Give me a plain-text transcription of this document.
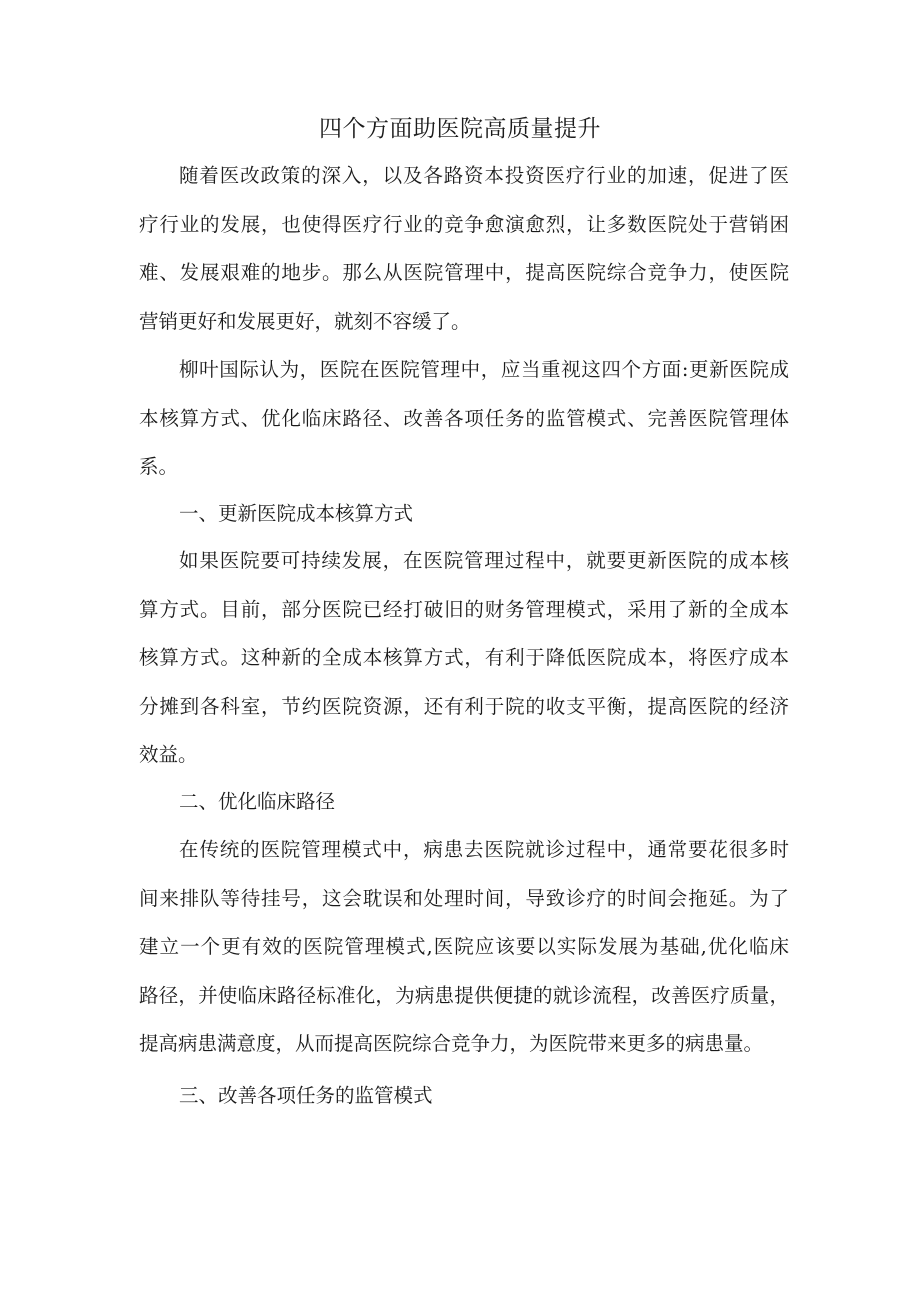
四个方面助医院高质量提升
随着医改政策的深入，以及各路资本投资医疗行业的加速，促进了医
疗行业的发展，也使得医疗行业的竞争愈演愈烈，让多数医院处于营销困
难、发展艰难的地步。那么从医院管理中，提高医院综合竞争力，使医院
营销更好和发展更好，就刻不容缓了。
柳叶国际认为，医院在医院管理中，应当重视这四个方面:更新医院成
本核算方式、优化临床路径、改善各项任务的监管模式、完善医院管理体
系。
一、更新医院成本核算方式
如果医院要可持续发展，在医院管理过程中，就要更新医院的成本核
算方式。目前，部分医院已经打破旧的财务管理模式，采用了新的全成本
核算方式。这种新的全成本核算方式，有利于降低医院成本，将医疗成本
分摊到各科室，节约医院资源，还有利于院的收支平衡，提高医院的经济
效益。
二、优化临床路径
在传统的医院管理模式中，病患去医院就诊过程中，通常要花很多时
间来排队等待挂号，这会耽误和处理时间，导致诊疗的时间会拖延。为了
建立一个更有效的医院管理模式,医院应该要以实际发展为基础,优化临床
路径，并使临床路径标准化，为病患提供便捷的就诊流程，改善医疗质量，
提高病患满意度，从而提高医院综合竞争力，为医院带来更多的病患量。
三、改善各项任务的监管模式
